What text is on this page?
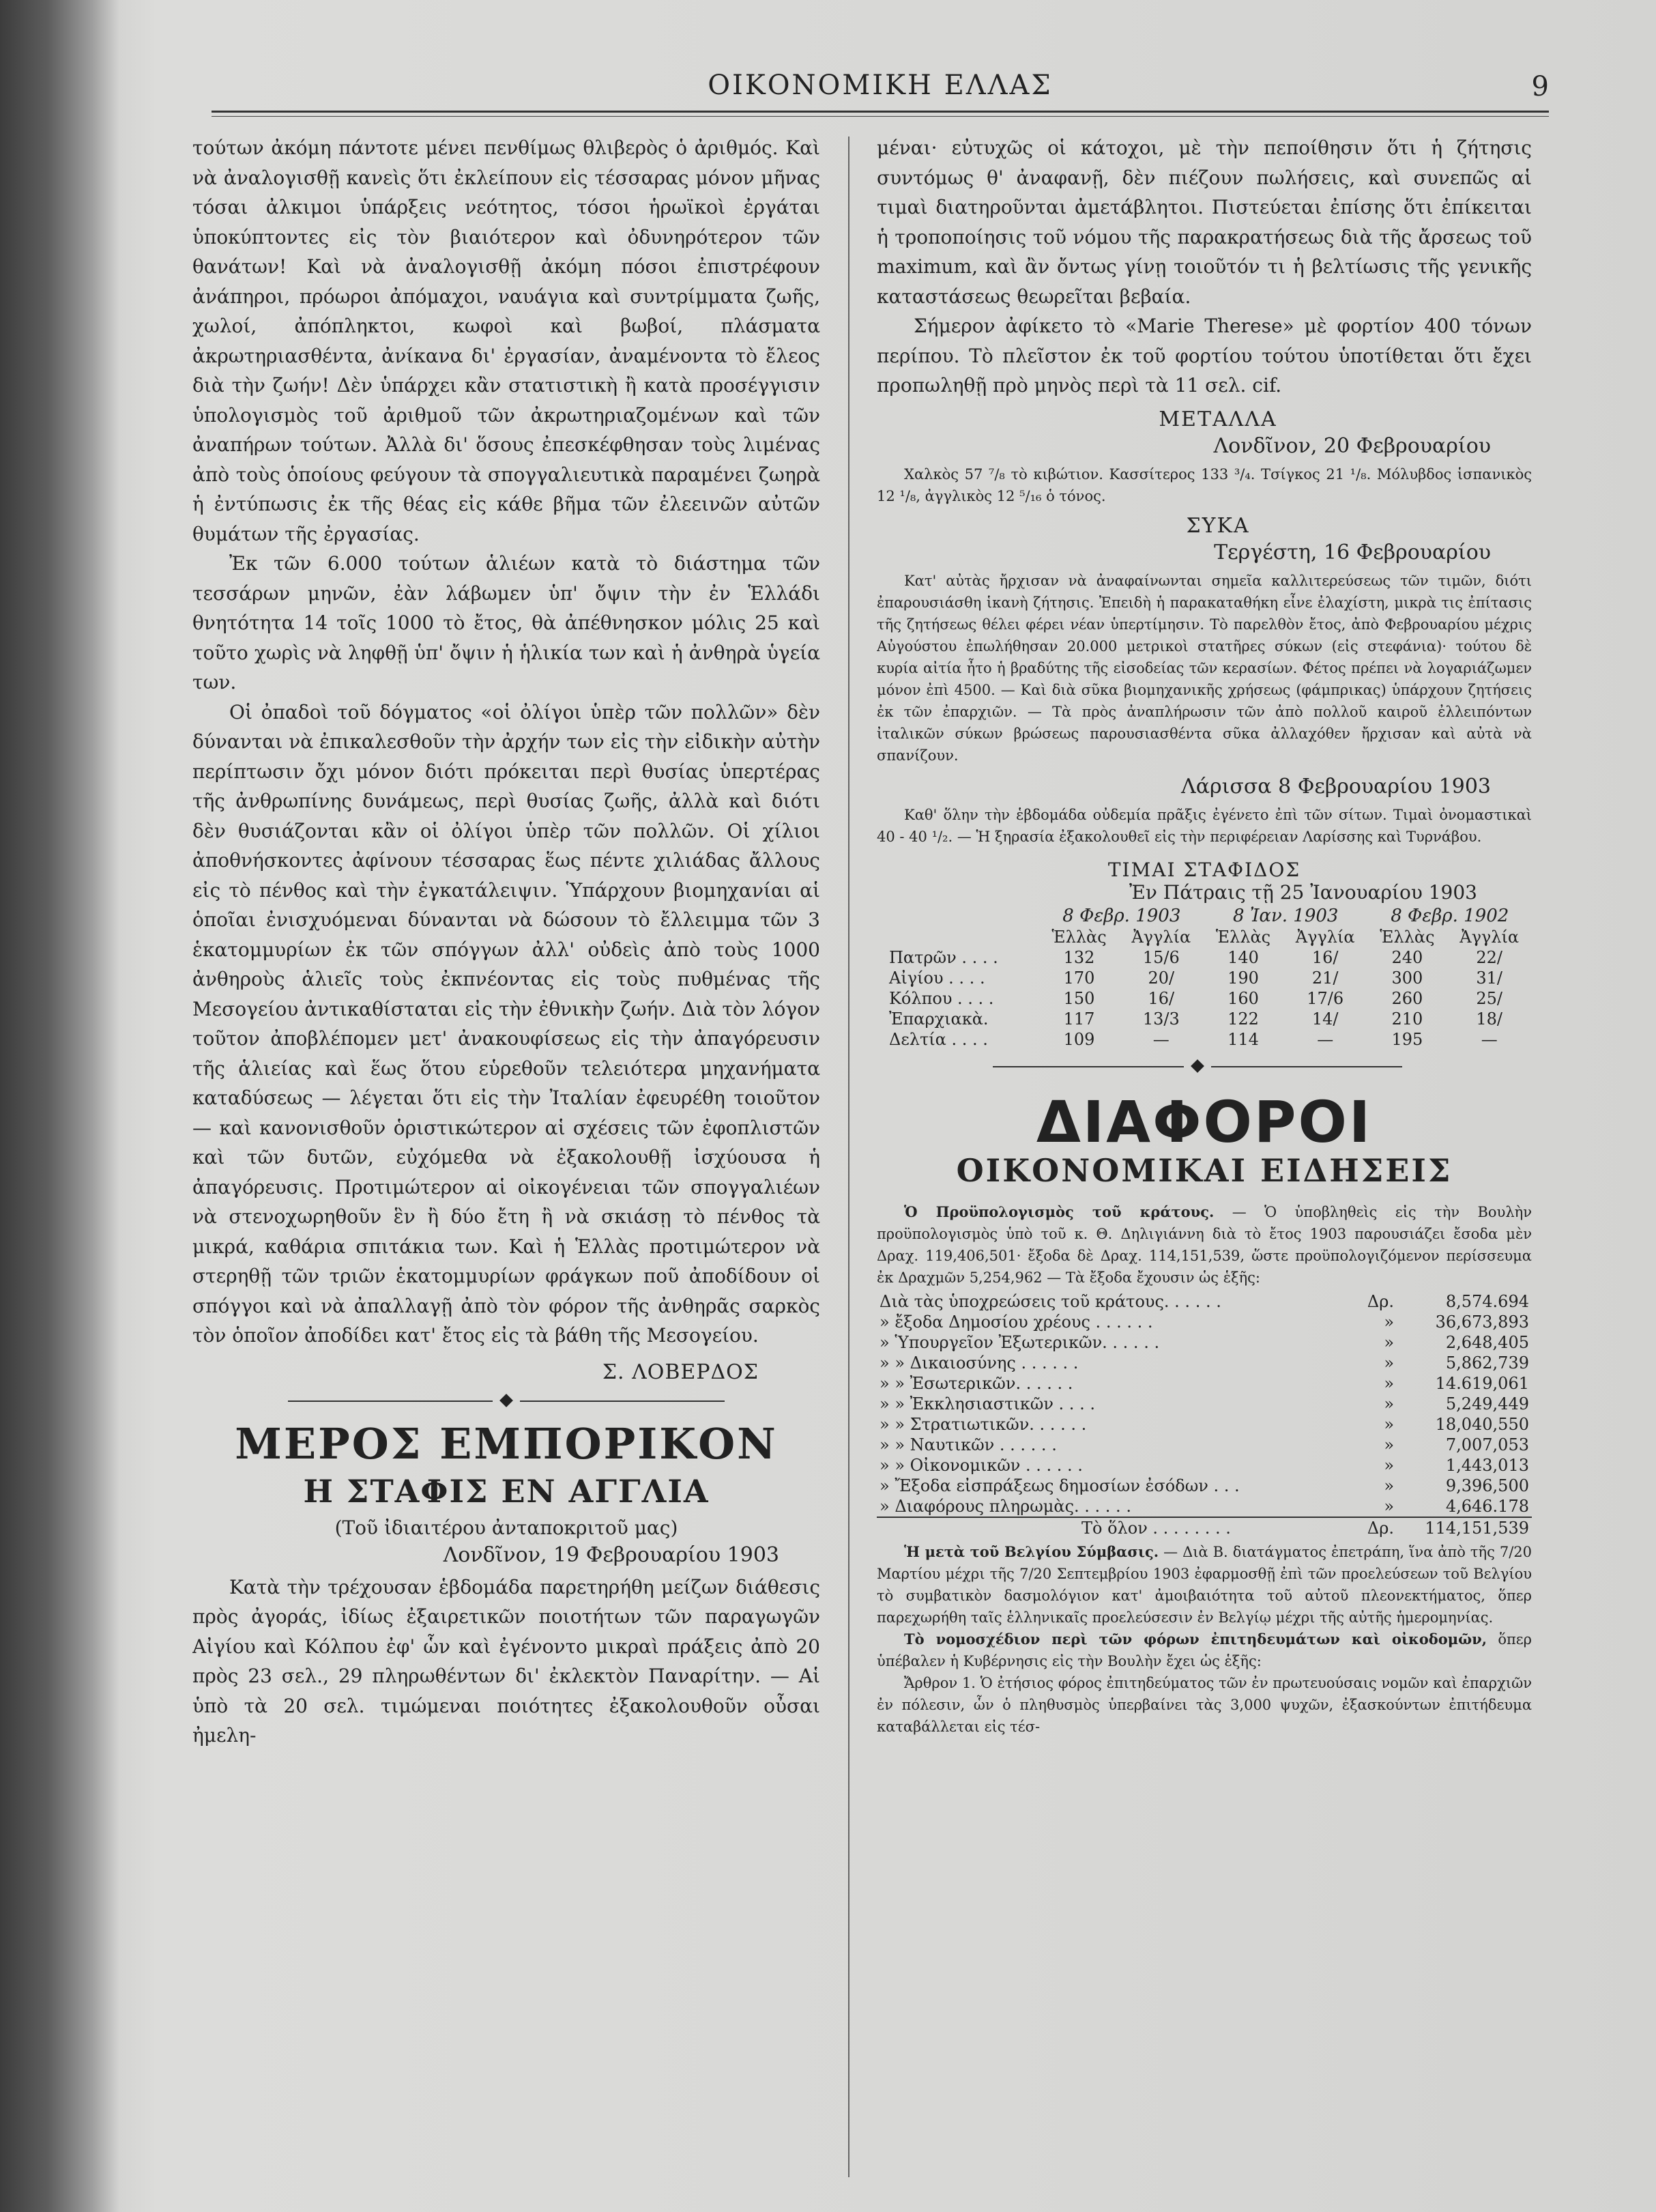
ΟΙΚΟΝΟΜΙΚΗ ΕΛΛΑΣ	9

τούτων ἀκόμη πάντοτε μένει πενθίμως θλιβερὸς ὁ ἀριθμός. Καὶ νὰ ἀναλογισθῇ κανεὶς ὅτι ἐκλείπουν εἰς τέσσαρας μόνον μῆνας τόσαι ἀλκιμοι ὑπάρξεις νεότητος, τόσοι ἡρωϊκοὶ ἐργάται ὑποκύπτοντες εἰς τὸν βιαιότερον καὶ ὀδυνηρότερον τῶν θανάτων! Καὶ νὰ ἀναλογισθῇ ἀκόμη πόσοι ἐπιστρέφουν ἀνάπηροι, πρόωροι ἀπόμαχοι, ναυάγια καὶ συντρίμματα ζωῆς, χωλοί, ἀπόπληκτοι, κωφοὶ καὶ βωβοί, πλάσματα ἀκρωτηριασθέντα, ἀνίκανα δι' ἐργασίαν, ἀναμένοντα τὸ ἔλεος διὰ τὴν ζωήν! Δὲν ὑπάρχει κἂν στατιστικὴ ἢ κατὰ προσέγγισιν ὑπολογισμὸς τοῦ ἀριθμοῦ τῶν ἀκρωτηριαζομένων καὶ τῶν ἀναπήρων τούτων. Ἀλλὰ δι' ὅσους ἐπεσκέφθησαν τοὺς λιμένας ἀπὸ τοὺς ὁποίους φεύγουν τὰ σπογγαλιευτικὰ παραμένει ζωηρὰ ἡ ἐντύπωσις ἐκ τῆς θέας εἰς κάθε βῆμα τῶν ἐλεεινῶν αὐτῶν θυμάτων τῆς ἐργασίας.

Ἐκ τῶν 6.000 τούτων ἁλιέων κατὰ τὸ διάστημα τῶν τεσσάρων μηνῶν, ἐὰν λάβωμεν ὑπ' ὄψιν τὴν ἐν Ἑλλάδι θνητότητα 14 τοῖς 1000 τὸ ἔτος, θὰ ἀπέθνησκον μόλις 25 καὶ τοῦτο χωρὶς νὰ ληφθῇ ὑπ' ὄψιν ἡ ἡλικία των καὶ ἡ ἀνθηρὰ ὑγεία των.

Οἱ ὀπαδοὶ τοῦ δόγματος «οἱ ὀλίγοι ὑπὲρ τῶν πολλῶν» δὲν δύνανται νὰ ἐπικαλεσθοῦν τὴν ἀρχήν των εἰς τὴν εἰδικὴν αὐτὴν περίπτωσιν ὄχι μόνον διότι πρόκειται περὶ θυσίας ὑπερτέρας τῆς ἀνθρωπίνης δυνάμεως, περὶ θυσίας ζωῆς, ἀλλὰ καὶ διότι δὲν θυσιάζονται κἂν οἱ ὀλίγοι ὑπὲρ τῶν πολλῶν. Οἱ χίλιοι ἀποθνήσκοντες ἀφίνουν τέσσαρας ἕως πέντε χιλιάδας ἄλλους εἰς τὸ πένθος καὶ τὴν ἐγκατάλειψιν. Ὑπάρχουν βιομηχανίαι αἱ ὁποῖαι ἐνισχυόμεναι δύνανται νὰ δώσουν τὸ ἔλλειμμα τῶν 3 ἑκατομμυρίων ἐκ τῶν σπόγγων ἀλλ' οὐδεὶς ἀπὸ τοὺς 1000 ἀνθηροὺς ἁλιεῖς τοὺς ἐκπνέοντας εἰς τοὺς πυθμένας τῆς Μεσογείου ἀντικαθίσταται εἰς τὴν ἐθνικὴν ζωήν. Διὰ τὸν λόγον τοῦτον ἀποβλέπομεν μετ' ἀνακουφίσεως εἰς τὴν ἀπαγόρευσιν τῆς ἁλιείας καὶ ἕως ὅτου εὑρεθοῦν τελειότερα μηχανήματα καταδύσεως — λέγεται ὅτι εἰς τὴν Ἰταλίαν ἐφευρέθη τοιοῦτον — καὶ κανονισθοῦν ὁριστικώτερον αἱ σχέσεις τῶν ἐφοπλιστῶν καὶ τῶν δυτῶν, εὐχόμεθα νὰ ἐξακολουθῇ ἰσχύουσα ἡ ἀπαγόρευσις. Προτιμώτερον αἱ οἰκογένειαι τῶν σπογγαλιέων νὰ στενοχωρηθοῦν ἓν ἢ δύο ἔτη ἢ νὰ σκιάσῃ τὸ πένθος τὰ μικρά, καθάρια σπιτάκια των. Καὶ ἡ Ἑλλὰς προτιμώτερον νὰ στερηθῇ τῶν τριῶν ἑκατομμυρίων φράγκων ποῦ ἀποδίδουν οἱ σπόγγοι καὶ νὰ ἀπαλλαγῇ ἀπὸ τὸν φόρον τῆς ἀνθηρᾶς σαρκὸς τὸν ὁποῖον ἀποδίδει κατ' ἔτος εἰς τὰ βάθη τῆς Μεσογείου.

Σ. ΛΟΒΕΡΔΟΣ

ΜΕΡΟΣ ΕΜΠΟΡΙΚΟΝ
Η ΣΤΑΦΙΣ ΕΝ ΑΓΓΛΙΑ

(Τοῦ ἰδιαιτέρου ἀνταποκριτοῦ μας)

Λονδῖνον, 19 Φεβρουαρίου 1903

Κατὰ τὴν τρέχουσαν ἑβδομάδα παρετηρήθη μείζων διάθεσις πρὸς ἀγοράς, ἰδίως ἐξαιρετικῶν ποιοτήτων τῶν παραγωγῶν Αἰγίου καὶ Κόλπου ἐφ' ὧν καὶ ἐγένοντο μικραὶ πράξεις ἀπὸ 20 πρὸς 23 σελ., 29 πληρωθέντων δι' ἐκλεκτὸν Παναρίτην. — Αἱ ὑπὸ τὰ 20 σελ. τιμώμεναι ποιότητες ἐξακολουθοῦν οὖσαι ἠμελη-

μέναι· εὐτυχῶς οἱ κάτοχοι, μὲ τὴν πεποίθησιν ὅτι ἡ ζήτησις συντόμως θ' ἀναφανῇ, δὲν πιέζουν πωλήσεις, καὶ συνεπῶς αἱ τιμαὶ διατηροῦνται ἀμετάβλητοι. Πιστεύεται ἐπίσης ὅτι ἐπίκειται ἡ τροποποίησις τοῦ νόμου τῆς παρακρατήσεως διὰ τῆς ἄρσεως τοῦ maximum, καὶ ἂν ὄντως γίνῃ τοιοῦτόν τι ἡ βελτίωσις τῆς γενικῆς καταστάσεως θεωρεῖται βεβαία.

Σήμερον ἀφίκετο τὸ «Marie Therese» μὲ φορτίον 400 τόνων περίπου. Τὸ πλεῖστον ἐκ τοῦ φορτίου τούτου ὑποτίθεται ὅτι ἔχει προπωληθῇ πρὸ μηνὸς περὶ τὰ 11 σελ. cif.

ΜΕΤΑΛΛΑ

Λονδῖνον, 20 Φεβρουαρίου

Χαλκὸς 57 ⁷/₈ τὸ κιβώτιον. Κασσίτερος 133 ³/₄. Τσίγκος 21 ¹/₈. Μόλυβδος ἱσπανικὸς 12 ¹/₈, ἀγγλικὸς 12 ⁵/₁₆ ὁ τόνος.

ΣΥΚΑ

Τεργέστη, 16 Φεβρουαρίου

Κατ' αὐτὰς ἤρχισαν νὰ ἀναφαίνωνται σημεῖα καλλιτερεύσεως τῶν τιμῶν, διότι ἐπαρουσιάσθη ἱκανὴ ζήτησις. Ἐπειδὴ ἡ παρακαταθήκη εἶνε ἐλαχίστη, μικρὰ τις ἐπίτασις τῆς ζητήσεως θέλει φέρει νέαν ὑπερτίμησιν. Τὸ παρελθὸν ἔτος, ἀπὸ Φεβρουαρίου μέχρις Αὐγούστου ἐπωλήθησαν 20.000 μετρικοὶ στατῆρες σύκων (εἰς στεφάνια)· τούτου δὲ κυρία αἰτία ἦτο ἡ βραδύτης τῆς εἰσοδείας τῶν κερασίων. Φέτος πρέπει νὰ λογαριάζωμεν μόνον ἐπὶ 4500. — Καὶ διὰ σῦκα βιομηχανικῆς χρήσεως (φάμπρικας) ὑπάρχουν ζητήσεις ἐκ τῶν ἐπαρχιῶν. — Τὰ πρὸς ἀναπλήρωσιν τῶν ἀπὸ πολλοῦ καιροῦ ἐλλειπόντων ἰταλικῶν σύκων βρώσεως παρουσιασθέντα σῦκα ἀλλαχόθεν ἤρχισαν καὶ αὐτὰ νὰ σπανίζουν.

Λάρισσα 8 Φεβρουαρίου 1903

Καθ' ὅλην τὴν ἑβδομάδα οὐδεμία πρᾶξις ἐγένετο ἐπὶ τῶν σίτων. Τιμαὶ ὀνομαστικαὶ 40 - 40 ¹/₂. — Ἡ ξηρασία ἐξακολουθεῖ εἰς τὴν περιφέρειαν Λαρίσσης καὶ Τυρνάβου.

ΤΙΜΑΙ ΣΤΑΦΙΔΟΣ
Ἐν Πάτραις τῇ 25 Ἰανουαρίου 1903
	8 Φεβρ. 1903		8 Ἰαν. 1903		8 Φεβρ. 1902	
	Ἑλλὰς	Ἀγγλία	Ἑλλὰς	Ἀγγλία	Ἑλλὰς	Ἀγγλία
Πατρῶν . . . .	132	15/6	140	16/	240	22/
Αἰγίου . . . .	170	20/	190	21/	300	31/
Κόλπου . . . .	150	16/	160	17/6	260	25/
Ἐπαρχιακὰ.	117	13/3	122	14/	210	18/
Δελτία . . . .	109	—	114	—	195	—
ΔΙΑΦΟΡΟΙ
ΟΙΚΟΝΟΜΙΚΑΙ ΕΙΔΗΣΕΙΣ

Ὁ Προϋπολογισμὸς τοῦ κράτους. — Ὁ ὑποβληθεὶς εἰς τὴν Βουλὴν προϋπολογισμὸς ὑπὸ τοῦ κ. Θ. Δηλιγιάννη διὰ τὸ ἔτος 1903 παρουσιάζει ἔσοδα μὲν Δραχ. 119,406,501· ἔξοδα δὲ Δραχ. 114,151,539, ὥστε προϋπολογιζόμενον περίσσευμα ἐκ Δραχμῶν 5,254,962 — Τὰ ἔξοδα ἔχουσιν ὡς ἑξῆς:

Διὰ τὰς ὑποχρεώσεις τοῦ κράτους. . . . . .	Δρ.	8,574.694
» ἔξοδα Δημοσίου χρέους . . . . . .	»	36,673,893
» Ὑπουργεῖον Ἐξωτερικῶν. . . . . .	»	2,648,405
» » Δικαιοσύνης . . . . . .	»	5,862,739
» » Ἐσωτερικῶν. . . . . .	»	14.619,061
» » Ἐκκλησιαστικῶν . . . .	»	5,249,449
» » Στρατιωτικῶν. . . . . .	»	18,040,550
» » Ναυτικῶν . . . . . .	»	7,007,053
» » Οἰκονομικῶν . . . . . .	»	1,443,013
» Ἔξοδα εἰσπράξεως δημοσίων ἐσόδων . . .	»	9,396,500
» Διαφόρους πληρωμὰς. . . . . .	»	4,646.178
Τὸ ὅλον . . . . . . . .	Δρ.	114,151,539

Ἡ μετὰ τοῦ Βελγίου Σύμβασις. — Διὰ Β. διατάγματος ἐπετράπη, ἵνα ἀπὸ τῆς 7/20 Μαρτίου μέχρι τῆς 7/20 Σεπτεμβρίου 1903 ἐφαρμοσθῇ ἐπὶ τῶν προελεύσεων τοῦ Βελγίου τὸ συμβατικὸν δασμολόγιον κατ' ἀμοιβαιότητα τοῦ αὐτοῦ πλεονεκτήματος, ὅπερ παρεχωρήθη ταῖς ἑλληνικαῖς προελεύσεσιν ἐν Βελγίῳ μέχρι τῆς αὐτῆς ἡμερομηνίας.

Τὸ νομοσχέδιον περὶ τῶν φόρων ἐπιτηδευμάτων καὶ οἰκοδομῶν, ὅπερ ὑπέβαλεν ἡ Κυβέρνησις εἰς τὴν Βουλὴν ἔχει ὡς ἑξῆς:

Ἄρθρον 1. Ὁ ἐτήσιος φόρος ἐπιτηδεύματος τῶν ἐν πρωτευούσαις νομῶν καὶ ἐπαρχιῶν ἐν πόλεσιν, ὧν ὁ πληθυσμὸς ὑπερβαίνει τὰς 3,000 ψυχῶν, ἐξασκούντων ἐπιτήδευμα καταβάλλεται εἰς τέσ-
